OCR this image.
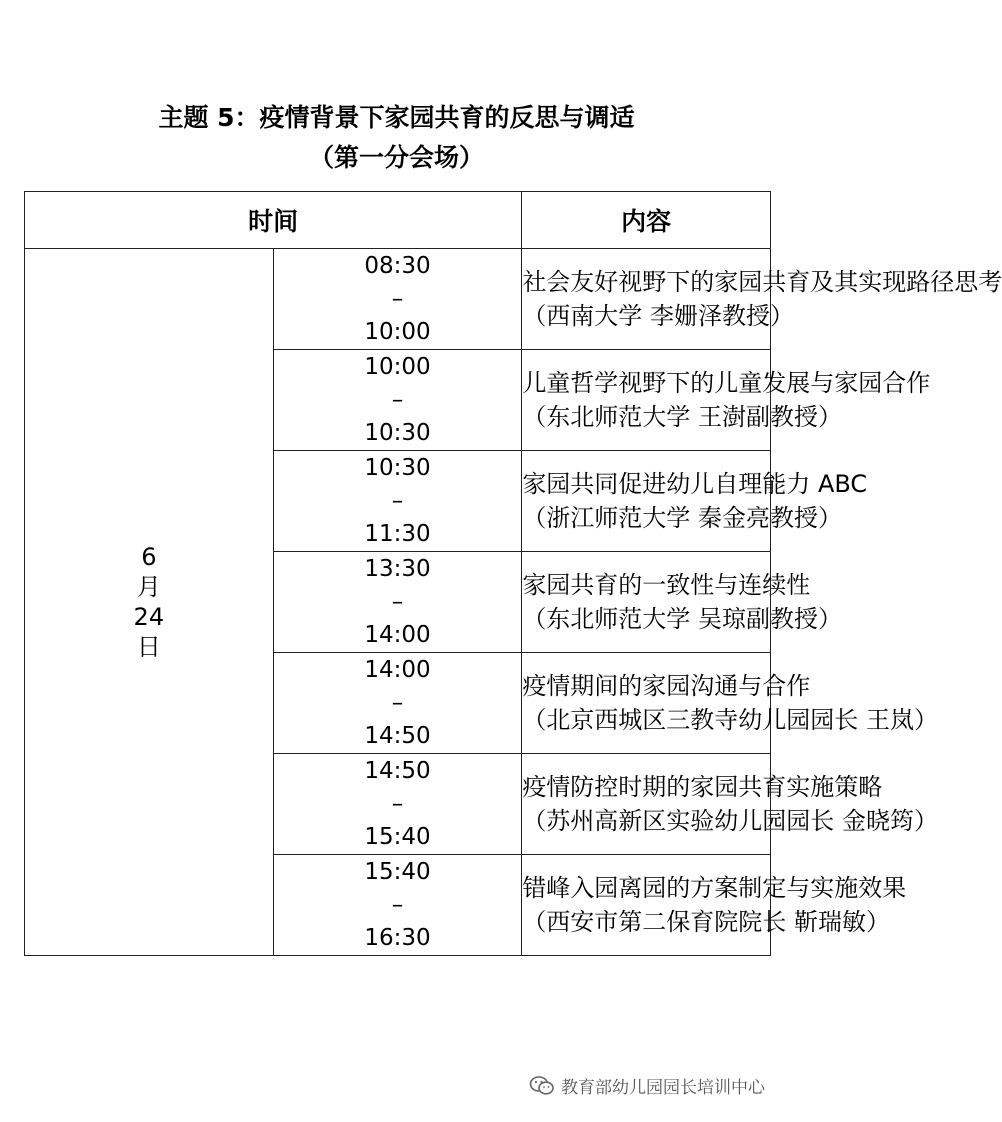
主题 5：疫情背景下家园共育的反思与调适
（第一分会场）
时间		内容

6
月
24
日	08:30
–
10:00	社会友好视野下的家园共育及其实现路径思考
（西南大学 李姗泽教授）

	10:00
–
10:30	儿童哲学视野下的儿童发展与家园合作
（东北师范大学 王澍副教授）

	10:30
–
11:30	家园共同促进幼儿自理能力 ABC
（浙江师范大学 秦金亮教授）

	13:30
–
14:00	家园共育的一致性与连续性
（东北师范大学 吴琼副教授）

	14:00
–
14:50	疫情期间的家园沟通与合作
（北京西城区三教寺幼儿园园长 王岚）

	14:50
–
15:40	疫情防控时期的家园共育实施策略
（苏州高新区实验幼儿园园长 金晓筠）

	15:40
–
16:30	错峰入园离园的方案制定与实施效果
（西安市第二保育院院长 靳瑞敏）
教育部幼儿园园长培训中心
